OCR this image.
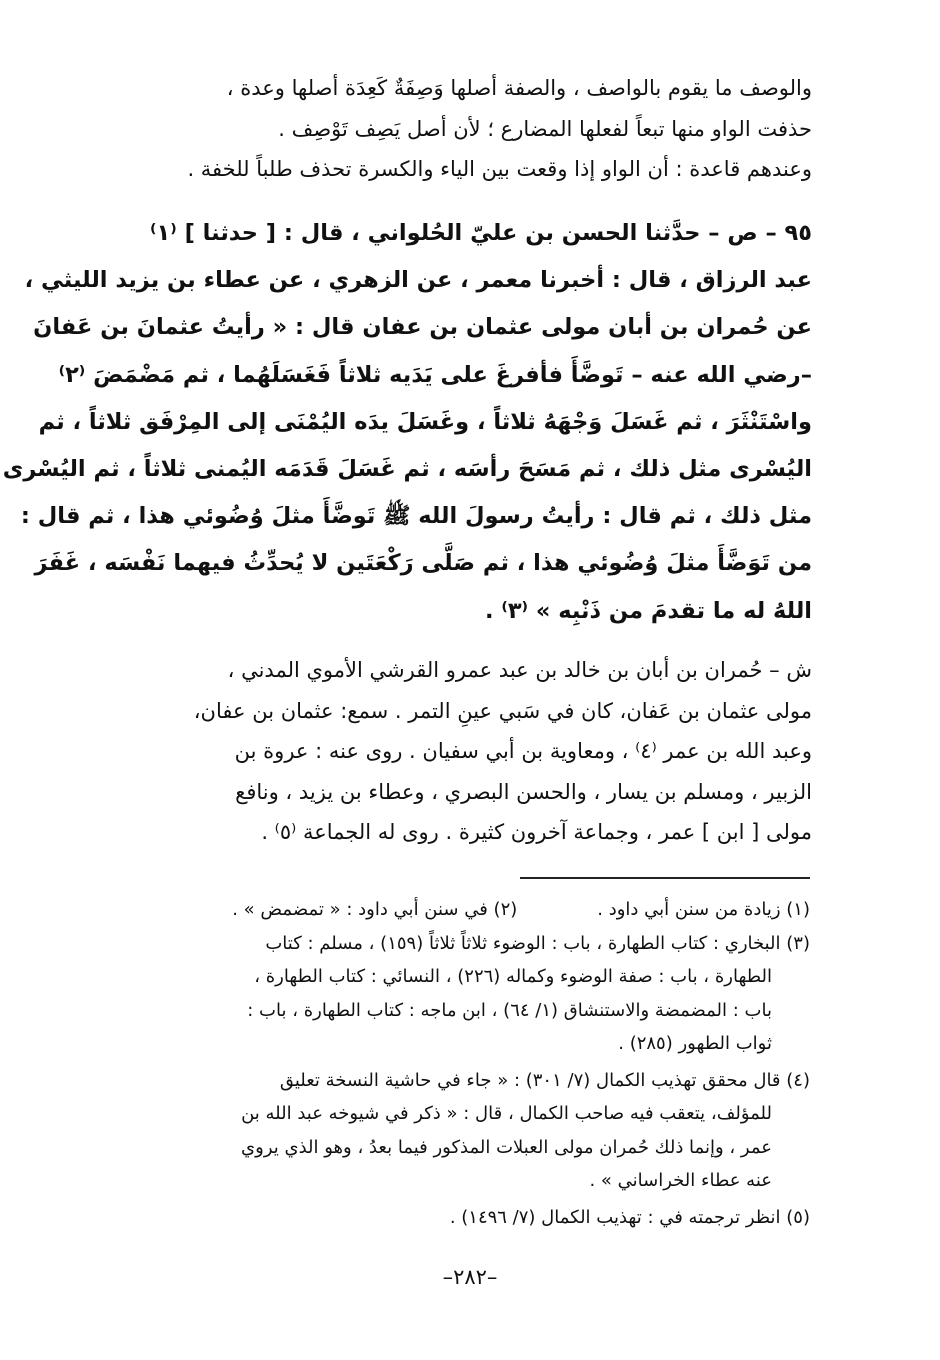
والوصف ما يقوم بالواصف ، والصفة أصلها وَصِفَةٌ كَعِدَة أصلها وعدة ،
حذفت الواو منها تبعاً لفعلها المضارع ؛ لأن أصل يَصِف تَوْصِف .
وعندهم قاعدة : أن الواو إذا وقعت بين الياء والكسرة تحذف طلباً للخفة .
٩٥ – ص – حدَّثنا الحسن بن عليّ الحُلواني ، قال : [ حدثنا ] ⁽١⁾
عبد الرزاق ، قال : أخبرنا معمر ، عن الزهري ، عن عطاء بن يزيد الليثي ،
عن حُمران بن أبان مولى عثمان بن عفان قال : « رأيتُ عثمانَ بن عَفانَ
–رضي الله عنه – تَوضَّأَ فأفرغَ على يَدَيه ثلاثاً فَغَسَلَهُما ، ثم مَضْمَضَ ⁽٢⁾
واسْتَنْثَرَ ، ثم غَسَلَ وَجْهَهُ ثلاثاً ، وغَسَلَ يدَه اليُمْنَى إلى المِرْفَق ثلاثاً ، ثم
اليُسْرى مثل ذلك ، ثم مَسَحَ رأسَه ، ثم غَسَلَ قَدَمَه اليُمنى ثلاثاً ، ثم اليُسْرى
مثل ذلك ، ثم قال : رأيتُ رسولَ الله ﷺ تَوضَّأَ مثلَ وُضُوئي هذا ، ثم قال :
من تَوَضَّأَ مثلَ وُضُوئي هذا ، ثم صَلَّى رَكْعَتَين لا يُحدِّثُ فيهما نَفْسَه ، غَفَرَ
اللهُ له ما تقدمَ من ذَنْبِه » ⁽٣⁾ .
ش – حُمران بن أبان بن خالد بن عبد عمرو القرشي الأموي المدني ،
مولى عثمان بن عَفان، كان في سَبي عينِ التمر . سمع: عثمان بن عفان،
وعبد الله بن عمر ⁽٤⁾ ، ومعاوية بن أبي سفيان . روى عنه : عروة بن
الزبير ، ومسلم بن يسار ، والحسن البصري ، وعطاء بن يزيد ، ونافع
مولى [ ابن ] عمر ، وجماعة آخرون كثيرة . روى له الجماعة ⁽٥⁾ .
(١) زيادة من سنن أبي داود .(٢) في سنن أبي داود : « تمضمض » .
(٣) البخاري : كتاب الطهارة ، باب : الوضوء ثلاثاً ثلاثاً (١٥٩) ، مسلم : كتاب
الطهارة ، باب : صفة الوضوء وكماله (٢٢٦) ، النسائي : كتاب الطهارة ،
باب : المضمضة والاستنشاق (١/ ٦٤) ، ابن ماجه : كتاب الطهارة ، باب :
ثواب الطهور (٢٨٥) .
(٤) قال محقق تهذيب الكمال (٧/ ٣٠١) : « جاء في حاشية النسخة تعليق
للمؤلف، يتعقب فيه صاحب الكمال ، قال : « ذكر في شيوخه عبد الله بن
عمر ، وإنما ذلك حُمران مولى العبلات المذكور فيما بعدُ ، وهو الذي يروي
عنه عطاء الخراساني » .
(٥) انظر ترجمته في : تهذيب الكمال (٧/ ١٤٩٦) .
–٢٨٢–
